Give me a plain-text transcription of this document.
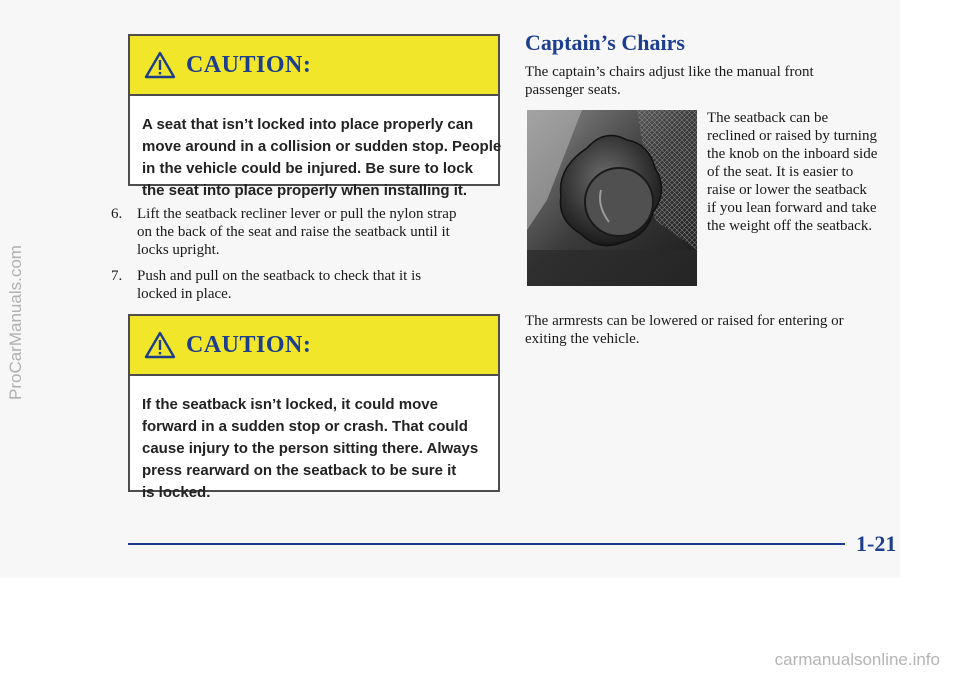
CAUTION:
A seat that isn’t locked into place properly can
move around in a collision or sudden stop. People
in the vehicle could be injured. Be sure to lock
the seat into place properly when installing it.
6. Lift the seatback recliner lever or pull the nylon strap
on the back of the seat and raise the seatback until it
locks upright.
7. Push and pull on the seatback to check that it is
locked in place.
CAUTION:
If the seatback isn’t locked, it could move
forward in a sudden stop or crash. That could
cause injury to the person sitting there. Always
press rearward on the seatback to be sure it
is locked.
Captain’s Chairs
The captain’s chairs adjust like the manual front
passenger seats.
The seatback can be
reclined or raised by turning
the knob on the inboard side
of the seat. It is easier to
raise or lower the seatback
if you lean forward and take
the weight off the seatback.
The armrests can be lowered or raised for entering or
exiting the vehicle.
1-21
ProCarManuals.com
carmanualsonline.info
